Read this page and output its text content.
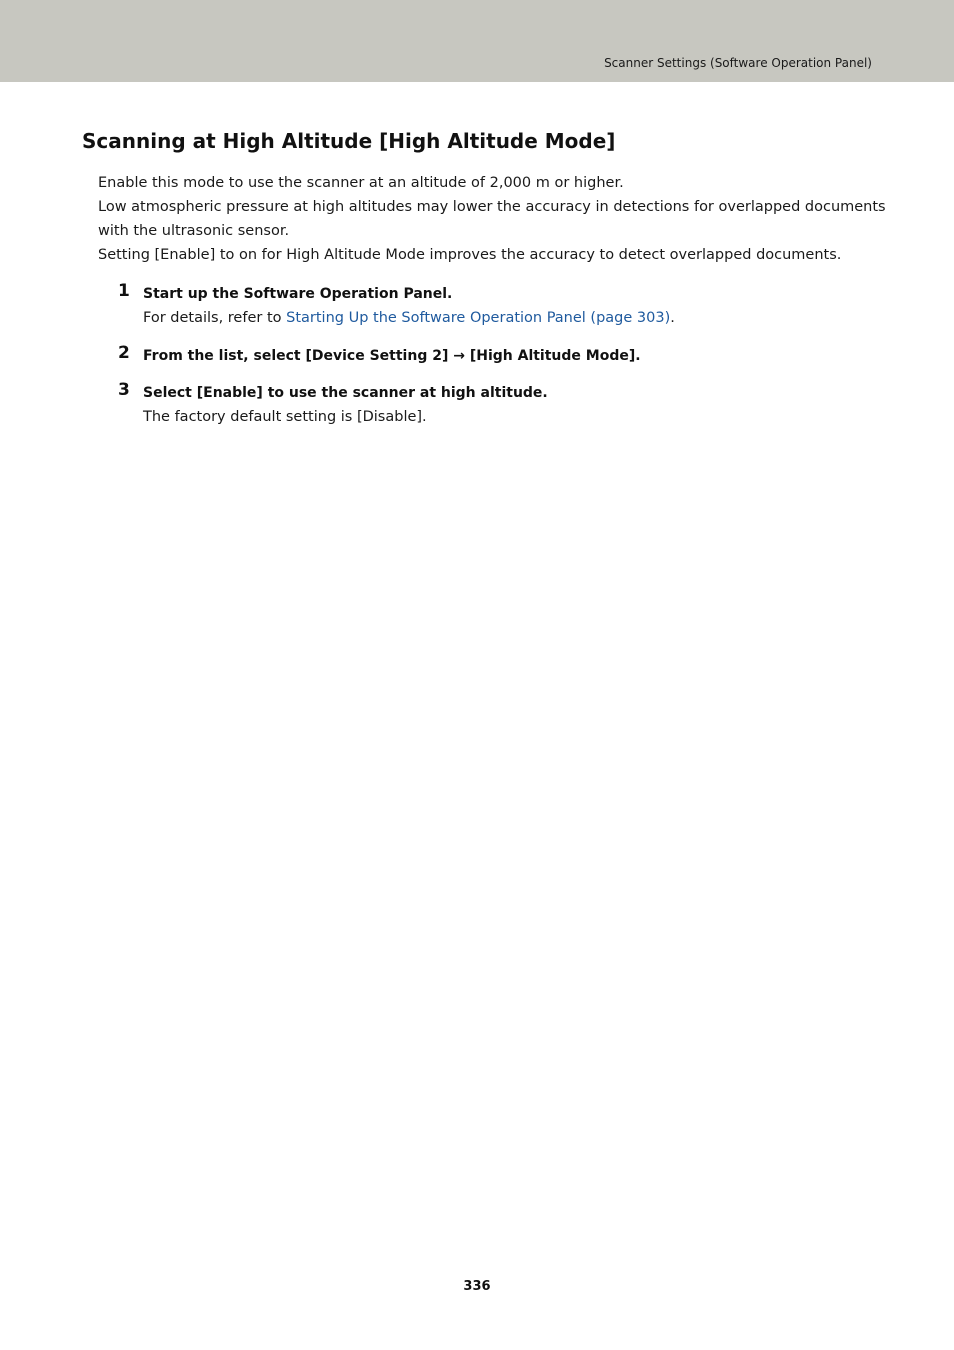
Scanner Settings (Software Operation Panel)
Scanning at High Altitude [High Altitude Mode]

Enable this mode to use the scanner at an altitude of 2,000 m or higher.

Low atmospheric pressure at high altitudes may lower the accuracy in detections for overlapped documents with the ultrasonic sensor.

Setting [Enable] to on for High Altitude Mode improves the accuracy to detect overlapped documents.

1 Start up the Software Operation Panel.

For details, refer to Starting Up the Software Operation Panel (page 303).

2 From the list, select [Device Setting 2] → [High Altitude Mode].

3 Select [Enable] to use the scanner at high altitude.

The factory default setting is [Disable].

336
